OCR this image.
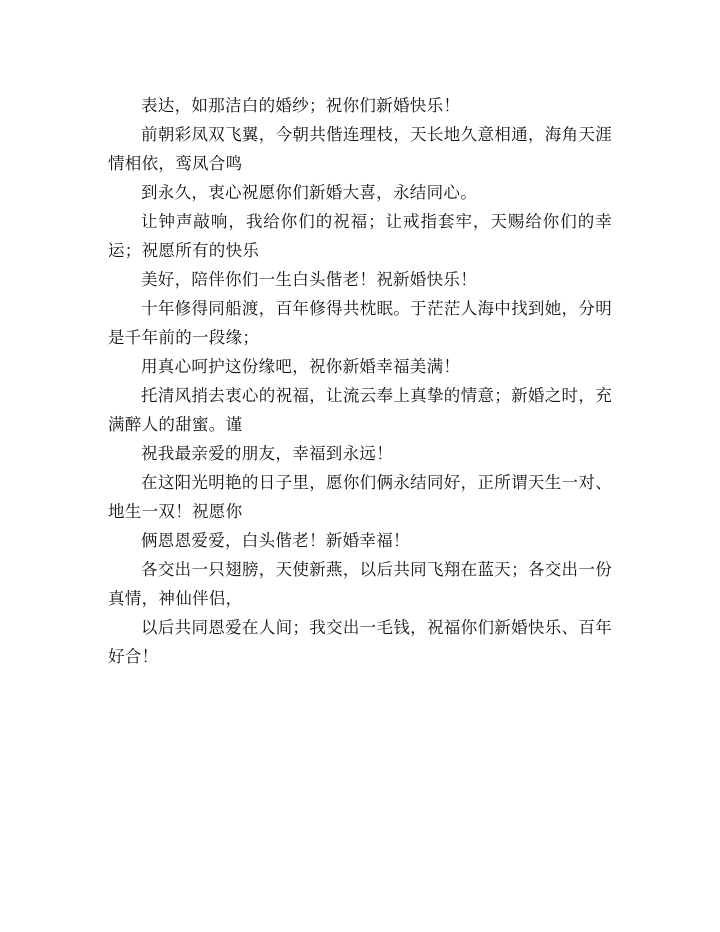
表达，如那洁白的婚纱；祝你们新婚快乐！

前朝彩凤双飞翼，今朝共偕连理枝，天长地久意相通，海角天涯情相依，鸾凤合鸣

到永久，衷心祝愿你们新婚大喜，永结同心。

让钟声敲响，我给你们的祝福；让戒指套牢，天赐给你们的幸运；祝愿所有的快乐

美好，陪伴你们一生白头偕老！祝新婚快乐！

十年修得同船渡，百年修得共枕眠。于茫茫人海中找到她，分明是千年前的一段缘；

用真心呵护这份缘吧，祝你新婚幸福美满！

托清风捎去衷心的祝福，让流云奉上真挚的情意；新婚之时，充满醉人的甜蜜。谨

祝我最亲爱的朋友，幸福到永远！

在这阳光明艳的日子里，愿你们俩永结同好，正所谓天生一对、地生一双！祝愿你

俩恩恩爱爱，白头偕老！新婚幸福！

各交出一只翅膀，天使新燕，以后共同飞翔在蓝天；各交出一份真情，神仙伴侣，

以后共同恩爱在人间；我交出一毛钱，祝福你们新婚快乐、百年好合！
